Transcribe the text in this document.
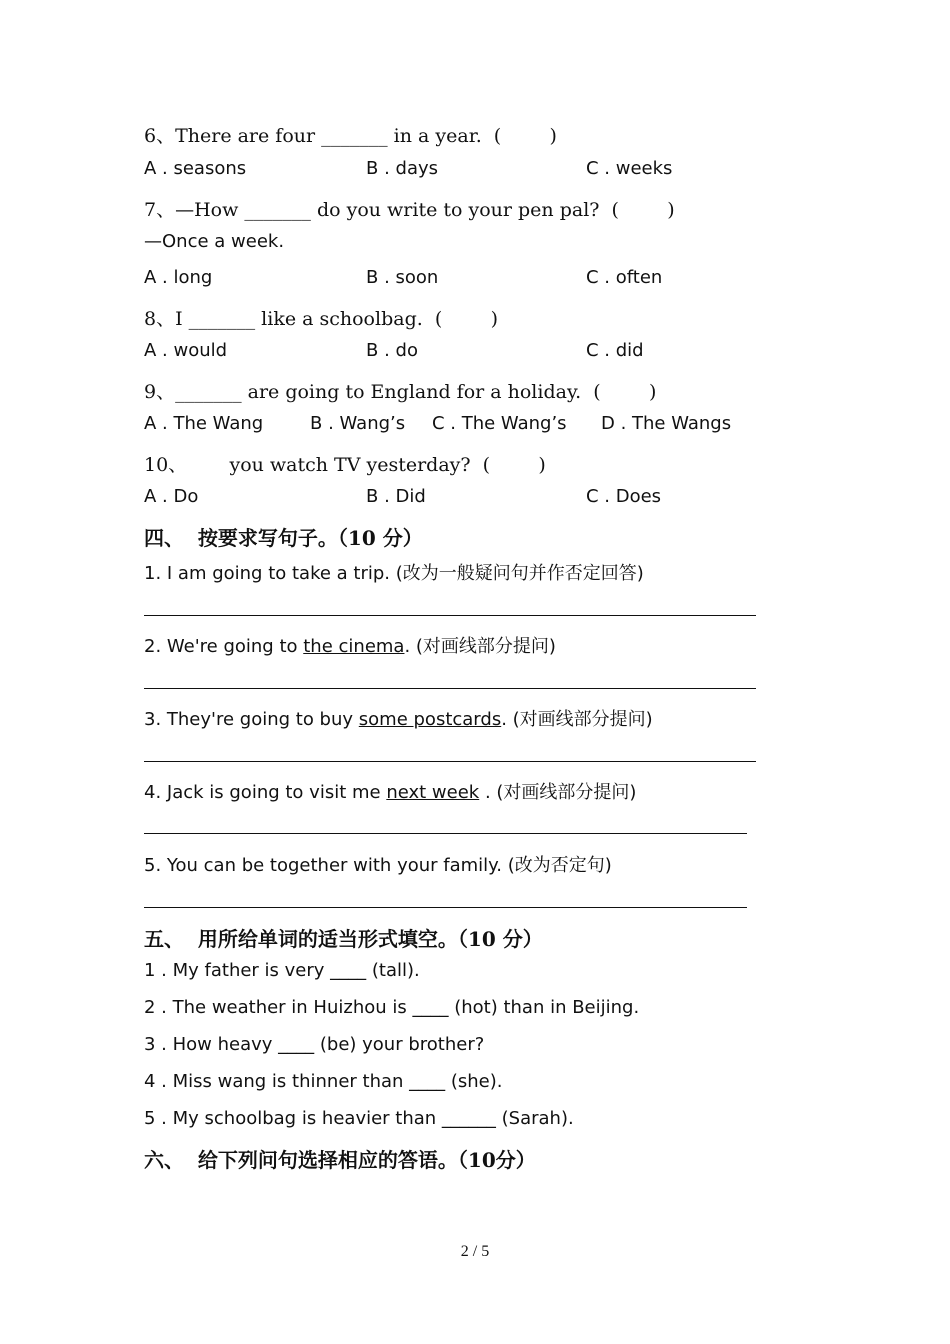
6、There are four _______ in a year.  (        )
A . seasons	B . days	C . weeks
7、—How _______ do you write to your pen pal?  (        )
—Once a week.
A . long	B . soon	C . often
8、I _______ like a schoolbag.  (        )
A . would	B . do	C . did
9、_______ are going to England for a holiday.  (        )
A . The Wang	B . Wang’s C . The Wang’s D . The Wangs
10、       you watch TV yesterday?  (        )
A . Do	B . Did	C . Does
四、  按要求写句子。（10 分）
1. I am going to take a trip. (改为一般疑问句并作否定回答)
2. We're going to the cinema. (对画线部分提问)
3. They're going to buy some postcards. (对画线部分提问)
4. Jack is going to visit me next week . (对画线部分提问)
5. You can be together with your family. (改为否定句)
五、  用所给单词的适当形式填空。（10 分）
1 . My father is very ____ (tall).
2 . The weather in Huizhou is ____ (hot) than in Beijing.
3 . How heavy ____ (be) your brother?
4 . Miss wang is thinner than ____ (she).
5 . My schoolbag is heavier than ______ (Sarah).
六、  给下列问句选择相应的答语。（10分）
2 / 5
